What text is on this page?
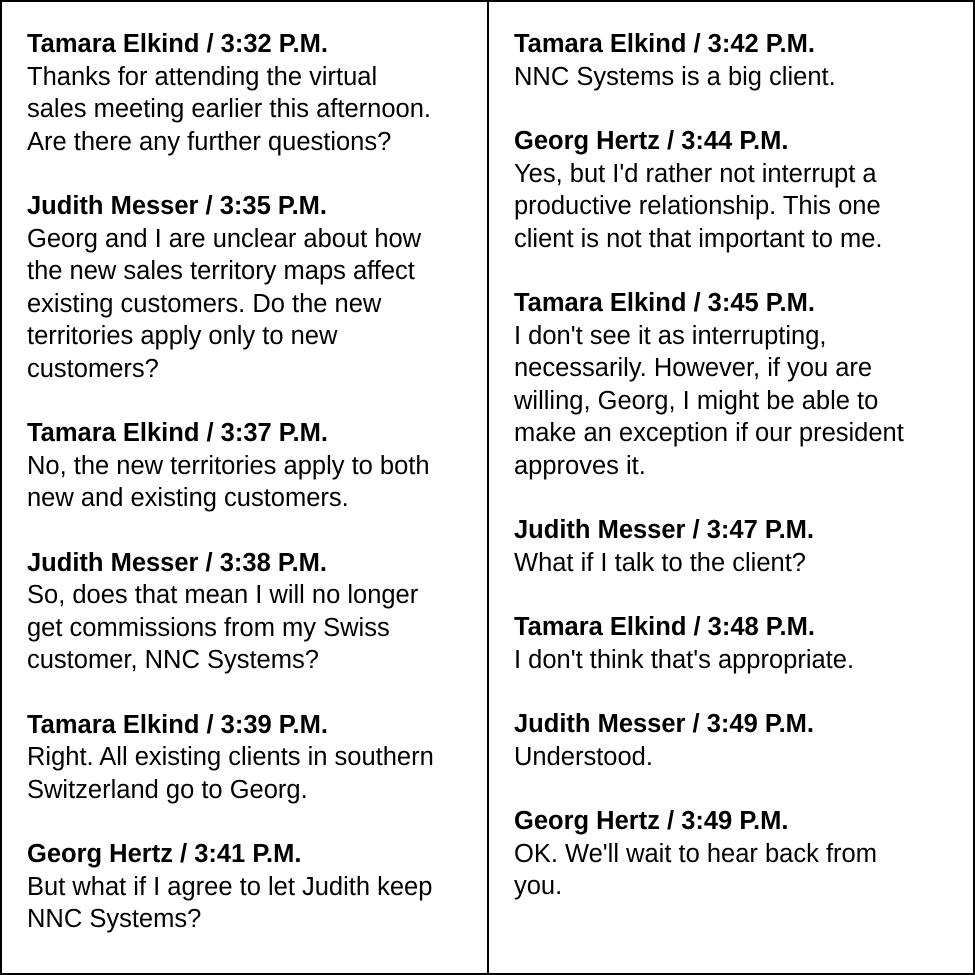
Tamara Elkind / 3:32 P.M.
Thanks for attending the virtual
sales meeting earlier this afternoon.
Are there any further questions?
Judith Messer / 3:35 P.M.
Georg and I are unclear about how
the new sales territory maps affect
existing customers. Do the new
territories apply only to new
customers?
Tamara Elkind / 3:37 P.M.
No, the new territories apply to both
new and existing customers.
Judith Messer / 3:38 P.M.
So, does that mean I will no longer
get commissions from my Swiss
customer, NNC Systems?
Tamara Elkind / 3:39 P.M.
Right. All existing clients in southern
Switzerland go to Georg.
Georg Hertz / 3:41 P.M.
But what if I agree to let Judith keep
NNC Systems?
Tamara Elkind / 3:42 P.M.
NNC Systems is a big client.
Georg Hertz / 3:44 P.M.
Yes, but I'd rather not interrupt a
productive relationship. This one
client is not that important to me.
Tamara Elkind / 3:45 P.M.
I don't see it as interrupting,
necessarily. However, if you are
willing, Georg, I might be able to
make an exception if our president
approves it.
Judith Messer / 3:47 P.M.
What if I talk to the client?
Tamara Elkind / 3:48 P.M.
I don't think that's appropriate.
Judith Messer / 3:49 P.M.
Understood.
Georg Hertz / 3:49 P.M.
OK. We'll wait to hear back from
you.
